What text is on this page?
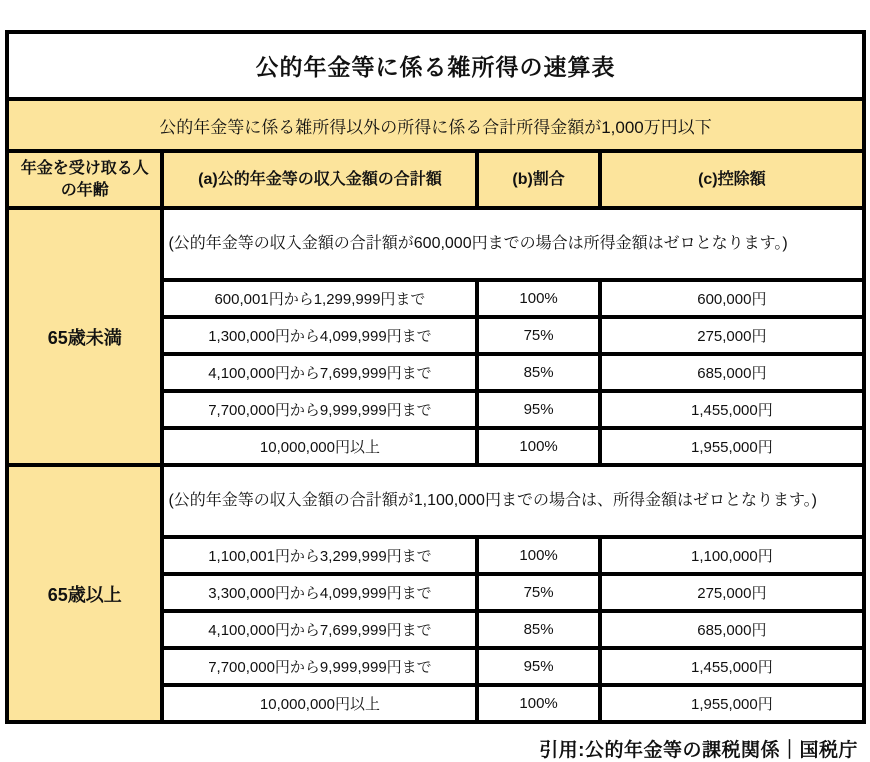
公的年金等に係る雑所得の速算表			
公的年金等に係る雑所得以外の所得に係る合計所得金額が1,000万円以下			
年金を受け取る人の年齢	(a)公的年金等の収入金額の合計額	(b)割合	(c)控除額
65歳未満	(公的年金等の収入金額の合計額が600,000円までの場合は所得金額はゼロとなります。)		
	600,001円から1,299,999円まで	100%	600,000円
	1,300,000円から4,099,999円まで	75%	275,000円
	4,100,000円から7,699,999円まで	85%	685,000円
	7,700,000円から9,999,999円まで	95%	1,455,000円
	10,000,000円以上	100%	1,955,000円
65歳以上	(公的年金等の収入金額の合計額が1,100,000円までの場合は、所得金額はゼロとなります。)		
	1,100,001円から3,299,999円まで	100%	1,100,000円
	3,300,000円から4,099,999円まで	75%	275,000円
	4,100,000円から7,699,999円まで	85%	685,000円
	7,700,000円から9,999,999円まで	95%	1,455,000円
	10,000,000円以上	100%	1,955,000円
引用:公的年金等の課税関係｜国税庁
